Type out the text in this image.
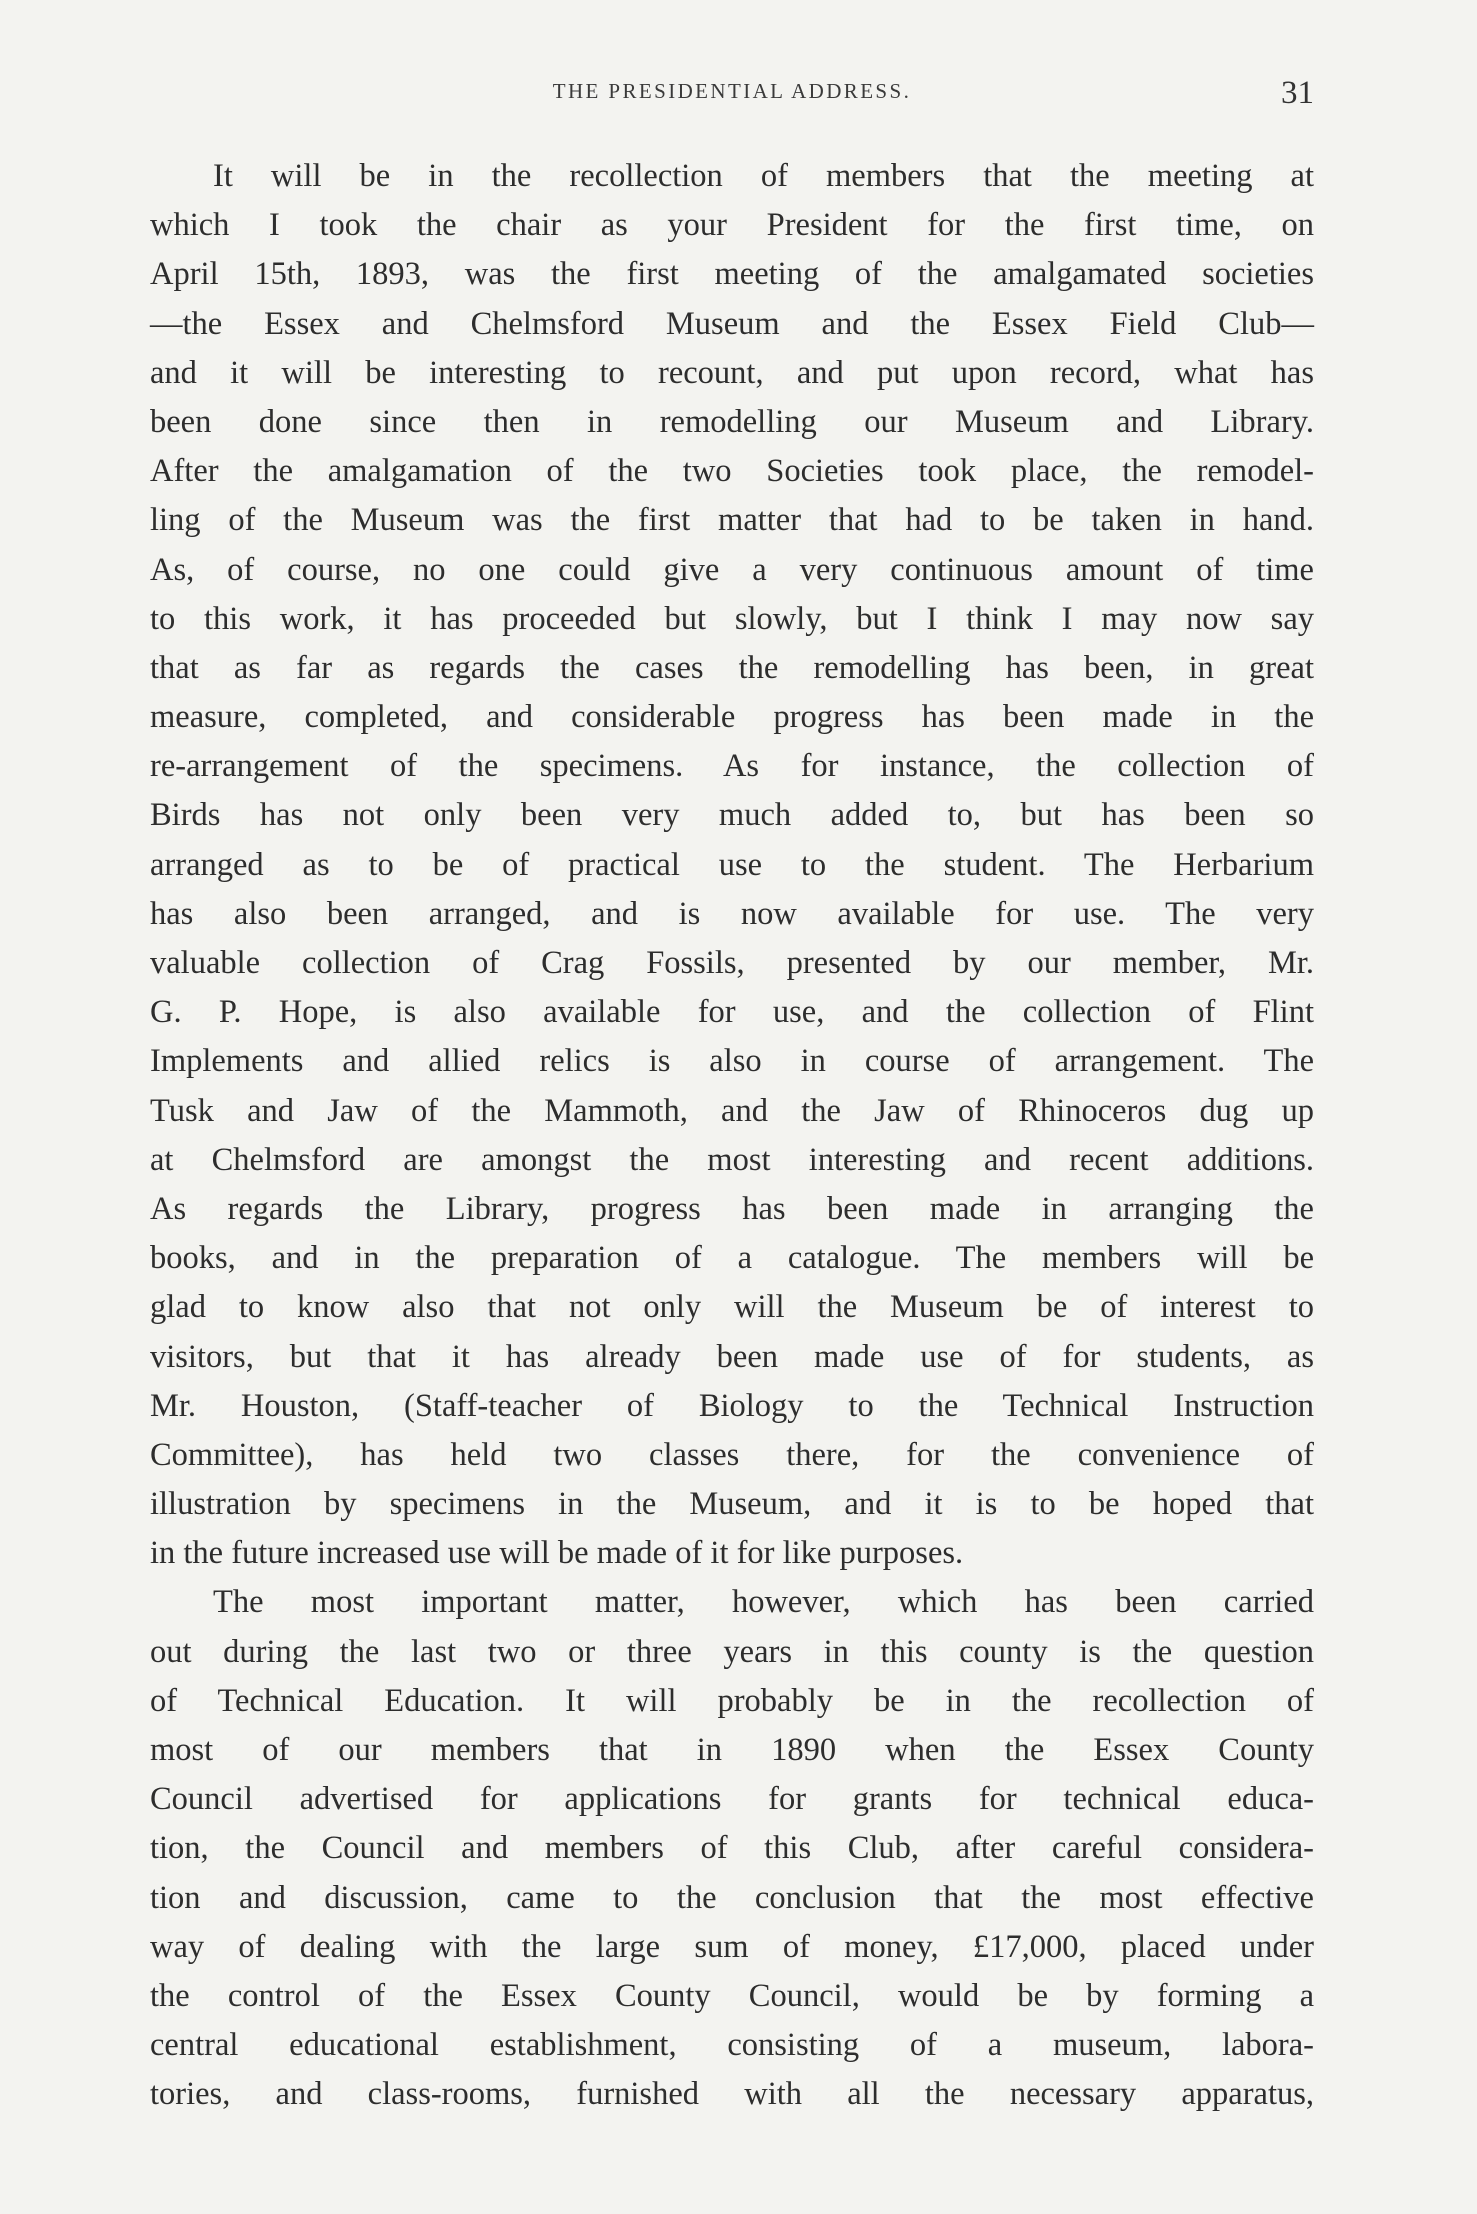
THE PRESIDENTIAL ADDRESS.	31

It will be in the recollection of members that the meeting at
which I took the chair as your President for the first time, on
April 15th, 1893, was the first meeting of the amalgamated societies
—the Essex and Chelmsford Museum and the Essex Field Club—
and it will be interesting to recount, and put upon record, what has
been done since then in remodelling our Museum and Library.
After the amalgamation of the two Societies took place, the remodel-
ling of the Museum was the first matter that had to be taken in hand.
As, of course, no one could give a very continuous amount of time
to this work, it has proceeded but slowly, but I think I may now say
that as far as regards the cases the remodelling has been, in great
measure, completed, and considerable progress has been made in the
re-arrangement of the specimens. As for instance, the collection of
Birds has not only been very much added to, but has been so
arranged as to be of practical use to the student. The Herbarium
has also been arranged, and is now available for use. The very
valuable collection of Crag Fossils, presented by our member, Mr.
G. P. Hope, is also available for use, and the collection of Flint
Implements and allied relics is also in course of arrangement. The
Tusk and Jaw of the Mammoth, and the Jaw of Rhinoceros dug up
at Chelmsford are amongst the most interesting and recent additions.
As regards the Library, progress has been made in arranging the
books, and in the preparation of a catalogue. The members will be
glad to know also that not only will the Museum be of interest to
visitors, but that it has already been made use of for students, as
Mr. Houston, (Staff-teacher of Biology to the Technical Instruction
Committee), has held two classes there, for the convenience of
illustration by specimens in the Museum, and it is to be hoped that
in the future increased use will be made of it for like purposes.

The most important matter, however, which has been carried
out during the last two or three years in this county is the question
of Technical Education. It will probably be in the recollection of
most of our members that in 1890 when the Essex County
Council advertised for applications for grants for technical educa-
tion, the Council and members of this Club, after careful considera-
tion and discussion, came to the conclusion that the most effective
way of dealing with the large sum of money, £17,000, placed under
the control of the Essex County Council, would be by forming a
central educational establishment, consisting of a museum, labora-
tories, and class-rooms, furnished with all the necessary apparatus,
